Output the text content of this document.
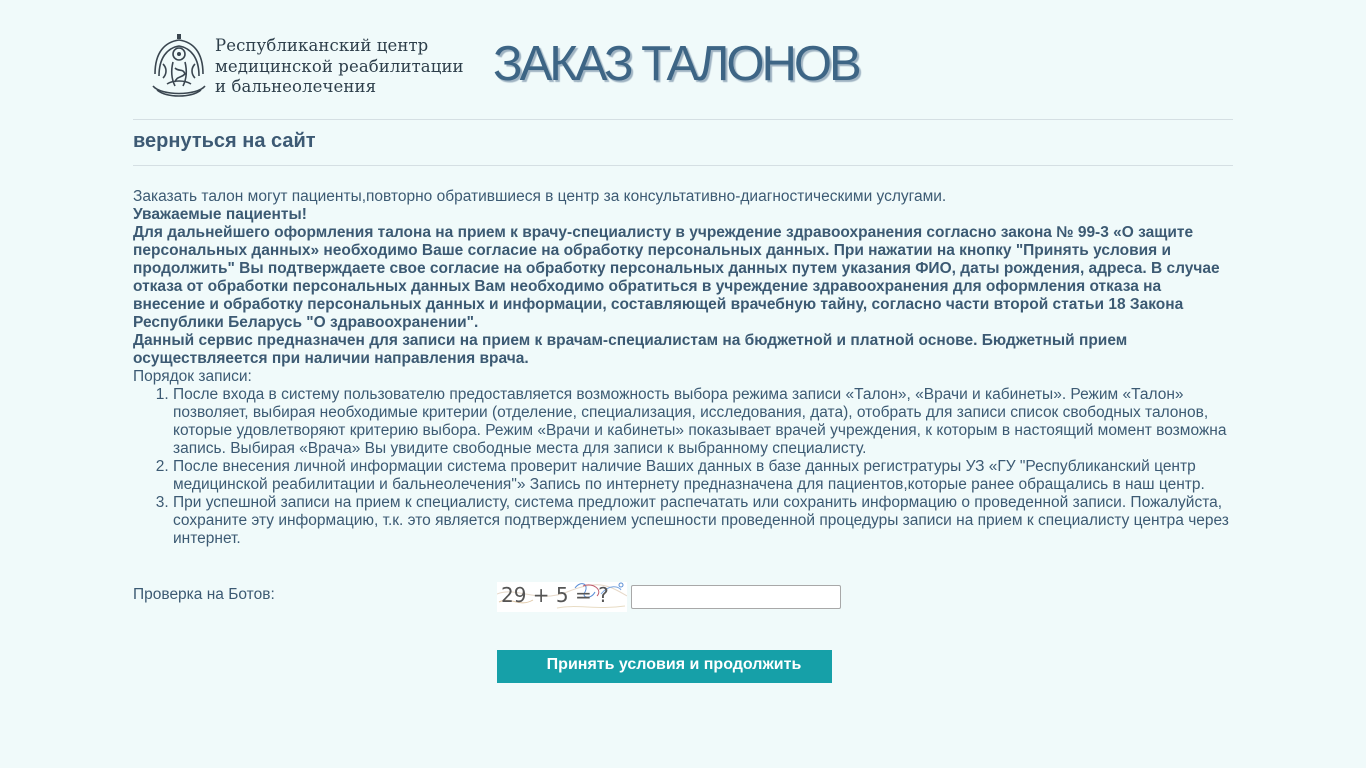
Республиканский центр
медицинской реабилитации
и бальнеолечения	ЗАКАЗ ТАЛОНОВ
вернуться на сайт

Заказать талон могут пациенты,повторно обратившиеся в центр за консультативно-диагностическими услугами.

Уважаемые пациенты!

Для дальнейшего оформления талона на прием к врачу-специалисту в учреждение здравоохранения согласно закона № 99-3 «О защите персональных данных» необходимо Ваше согласие на обработку персональных данных. При нажатии на кнопку "Принять условия и продолжить" Вы подтверждаете свое согласие на обработку персональных данных путем указания ФИО, даты рождения, адреса. В случае отказа от обработки персональных данных Вам необходимо обратиться в учреждение здравоохранения для оформления отказа на внесение и обработку персональных данных и информации, составляющей врачебную тайну, согласно части второй статьи 18 Закона Республики Беларусь "О здравоохранении".

Данный сервис предназначен для записи на прием к врачам-специалистам на бюджетной и платной основе. Бюджетный прием осуществляеется при наличии направления врача.

Порядок записи:

1. После входа в систему пользователю предоставляется возможность выбора режима записи «Талон», «Врачи и кабинеты». Режим «Талон» позволяет, выбирая необходимые критерии (отделение, специализация, исследования, дата), отобрать для записи список свободных талонов, которые удовлетворяют критерию выбора. Режим «Врачи и кабинеты» показывает врачей учреждения, к которым в настоящий момент возможна запись. Выбирая «Врача» Вы увидите свободные места для записи к выбранному специалисту.
2. После внесения личной информации система проверит наличие Ваших данных в базе данных регистратуры УЗ «ГУ "Республиканский центр медицинской реабилитации и бальнеолечения"» Запись по интернету предназначена для пациентов,которые ранее обращались в наш центр.
3. При успешной записи на прием к специалисту, система предложит распечатать или сохранить информацию о проведенной записи. Пожалуйста, сохраните эту информацию, т.к. это является подтверждением успешности проведенной процедуры записи на прием к специалисту центра через интернет.
Проверка на Ботов:	29 + 5 = ?
Принять условия и продолжить
